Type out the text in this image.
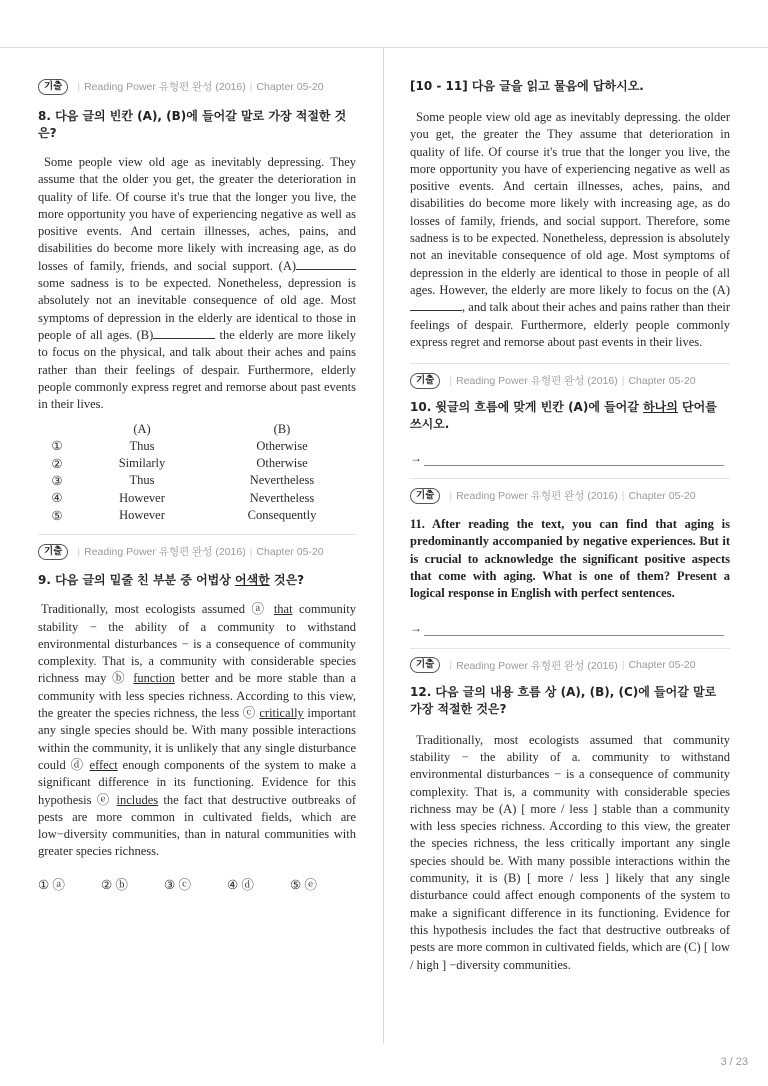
기출	| Reading Power 유형편 완성 (2016) | Chapter 05-20
8. 다음 글의 빈칸 (A), (B)에 들어갈 말로 가장 적절한 것은?
Some people view old age as inevitably depressing. They assume that the older you get, the greater the deterioration in quality of life. Of course it's true that the longer you live, the more opportunity you have of experiencing negative as well as positive events. And certain illnesses, aches, pains, and disabilities do become more likely with increasing age, as do losses of family, friends, and social support. (A) some sadness is to be expected. Nonetheless, depression is absolutely not an inevitable consequence of old age. Most symptoms of depression in the elderly are identical to those in people of all ages. (B)	the elderly are more likely to focus on the physical, and talk about their aches and pains rather than their feelings of despair. Furthermore, elderly people commonly express regret and remorse about past events in their lives.
	(A)	(B)
①	Thus	Otherwise
②	Similarly	Otherwise
③	Thus	Nevertheless
④	However	Nevertheless
⑤	However	Consequently
기출	| Reading Power 유형편 완성 (2016) | Chapter 05-20
9. 다음 글의 밑줄 친 부분 중 어법상 어색한 것은?
Traditionally, most ecologists assumed ⓐ that community stability − the ability of a community to withstand environmental disturbances − is a consequence of community complexity. That is, a community with considerable species richness may ⓑ function better and be more stable than a community with less species richness. According to this view, the greater the species richness, the less ⓒ critically important any single species should be. With many possible interactions within the community, it is unlikely that any single disturbance could ⓓ effect enough components of the system to make a significant difference in its functioning. Evidence for this hypothesis ⓔ includes the fact that destructive outbreaks of pests are more common in cultivated fields, which are low−diversity communities, than in natural communities with greater species richness.
① ⓐ	② ⓑ	③ ⓒ	④ ⓓ	⑤ ⓔ
[10 - 11] 다음 글을 읽고 물음에 답하시오.
Some people view old age as inevitably depressing. the older you get, the greater the They assume that deterioration in quality of life. Of course it's true that the longer you live, the more opportunity you have of experiencing negative as well as positive events. And certain illnesses, aches, pains, and disabilities do become more likely with increasing age, as do losses of family, friends, and social support. Therefore, some sadness is to be expected. Nonetheless, depression is absolutely not an inevitable consequence of old age. Most symptoms of depression in the elderly are identical to those in people of all ages. However, the elderly are more likely to focus on the (A), and talk about their aches and pains rather than their feelings of despair. Furthermore, elderly people commonly express regret and remorse about past events in their lives.
기출	| Reading Power 유형편 완성 (2016) | Chapter 05-20
10. 윗글의 흐름에 맞게 빈칸 (A)에 들어갈 하나의 단어를 쓰시오.
→
기출	| Reading Power 유형편 완성 (2016) | Chapter 05-20
11. After reading the text, you can find that aging is predominantly accompanied by negative experiences. But it is crucial to acknowledge the significant positive aspects that come with aging. What is one of them? Present a logical response in English with perfect sentences.
→
기출	| Reading Power 유형편 완성 (2016) | Chapter 05-20
12. 다음 글의 내용 흐름 상 (A), (B), (C)에 들어갈 말로 가장 적절한 것은?
Traditionally, most ecologists assumed that community stability − the ability of a. community to withstand environmental disturbances − is a consequence of community complexity. That is, a community with considerable species richness may be (A) [ more / less ] stable than a community with less species richness. According to this view, the greater the species richness, the less critically important any single species should be. With many possible interactions within the community, it is (B) [ more / less ] likely that any single disturbance could affect enough components of the system to make a significant difference in its functioning. Evidence for this hypothesis includes the fact that destructive outbreaks of pests are more common in cultivated fields, which are (C) [ low / high ] −diversity communities.
3 / 23
